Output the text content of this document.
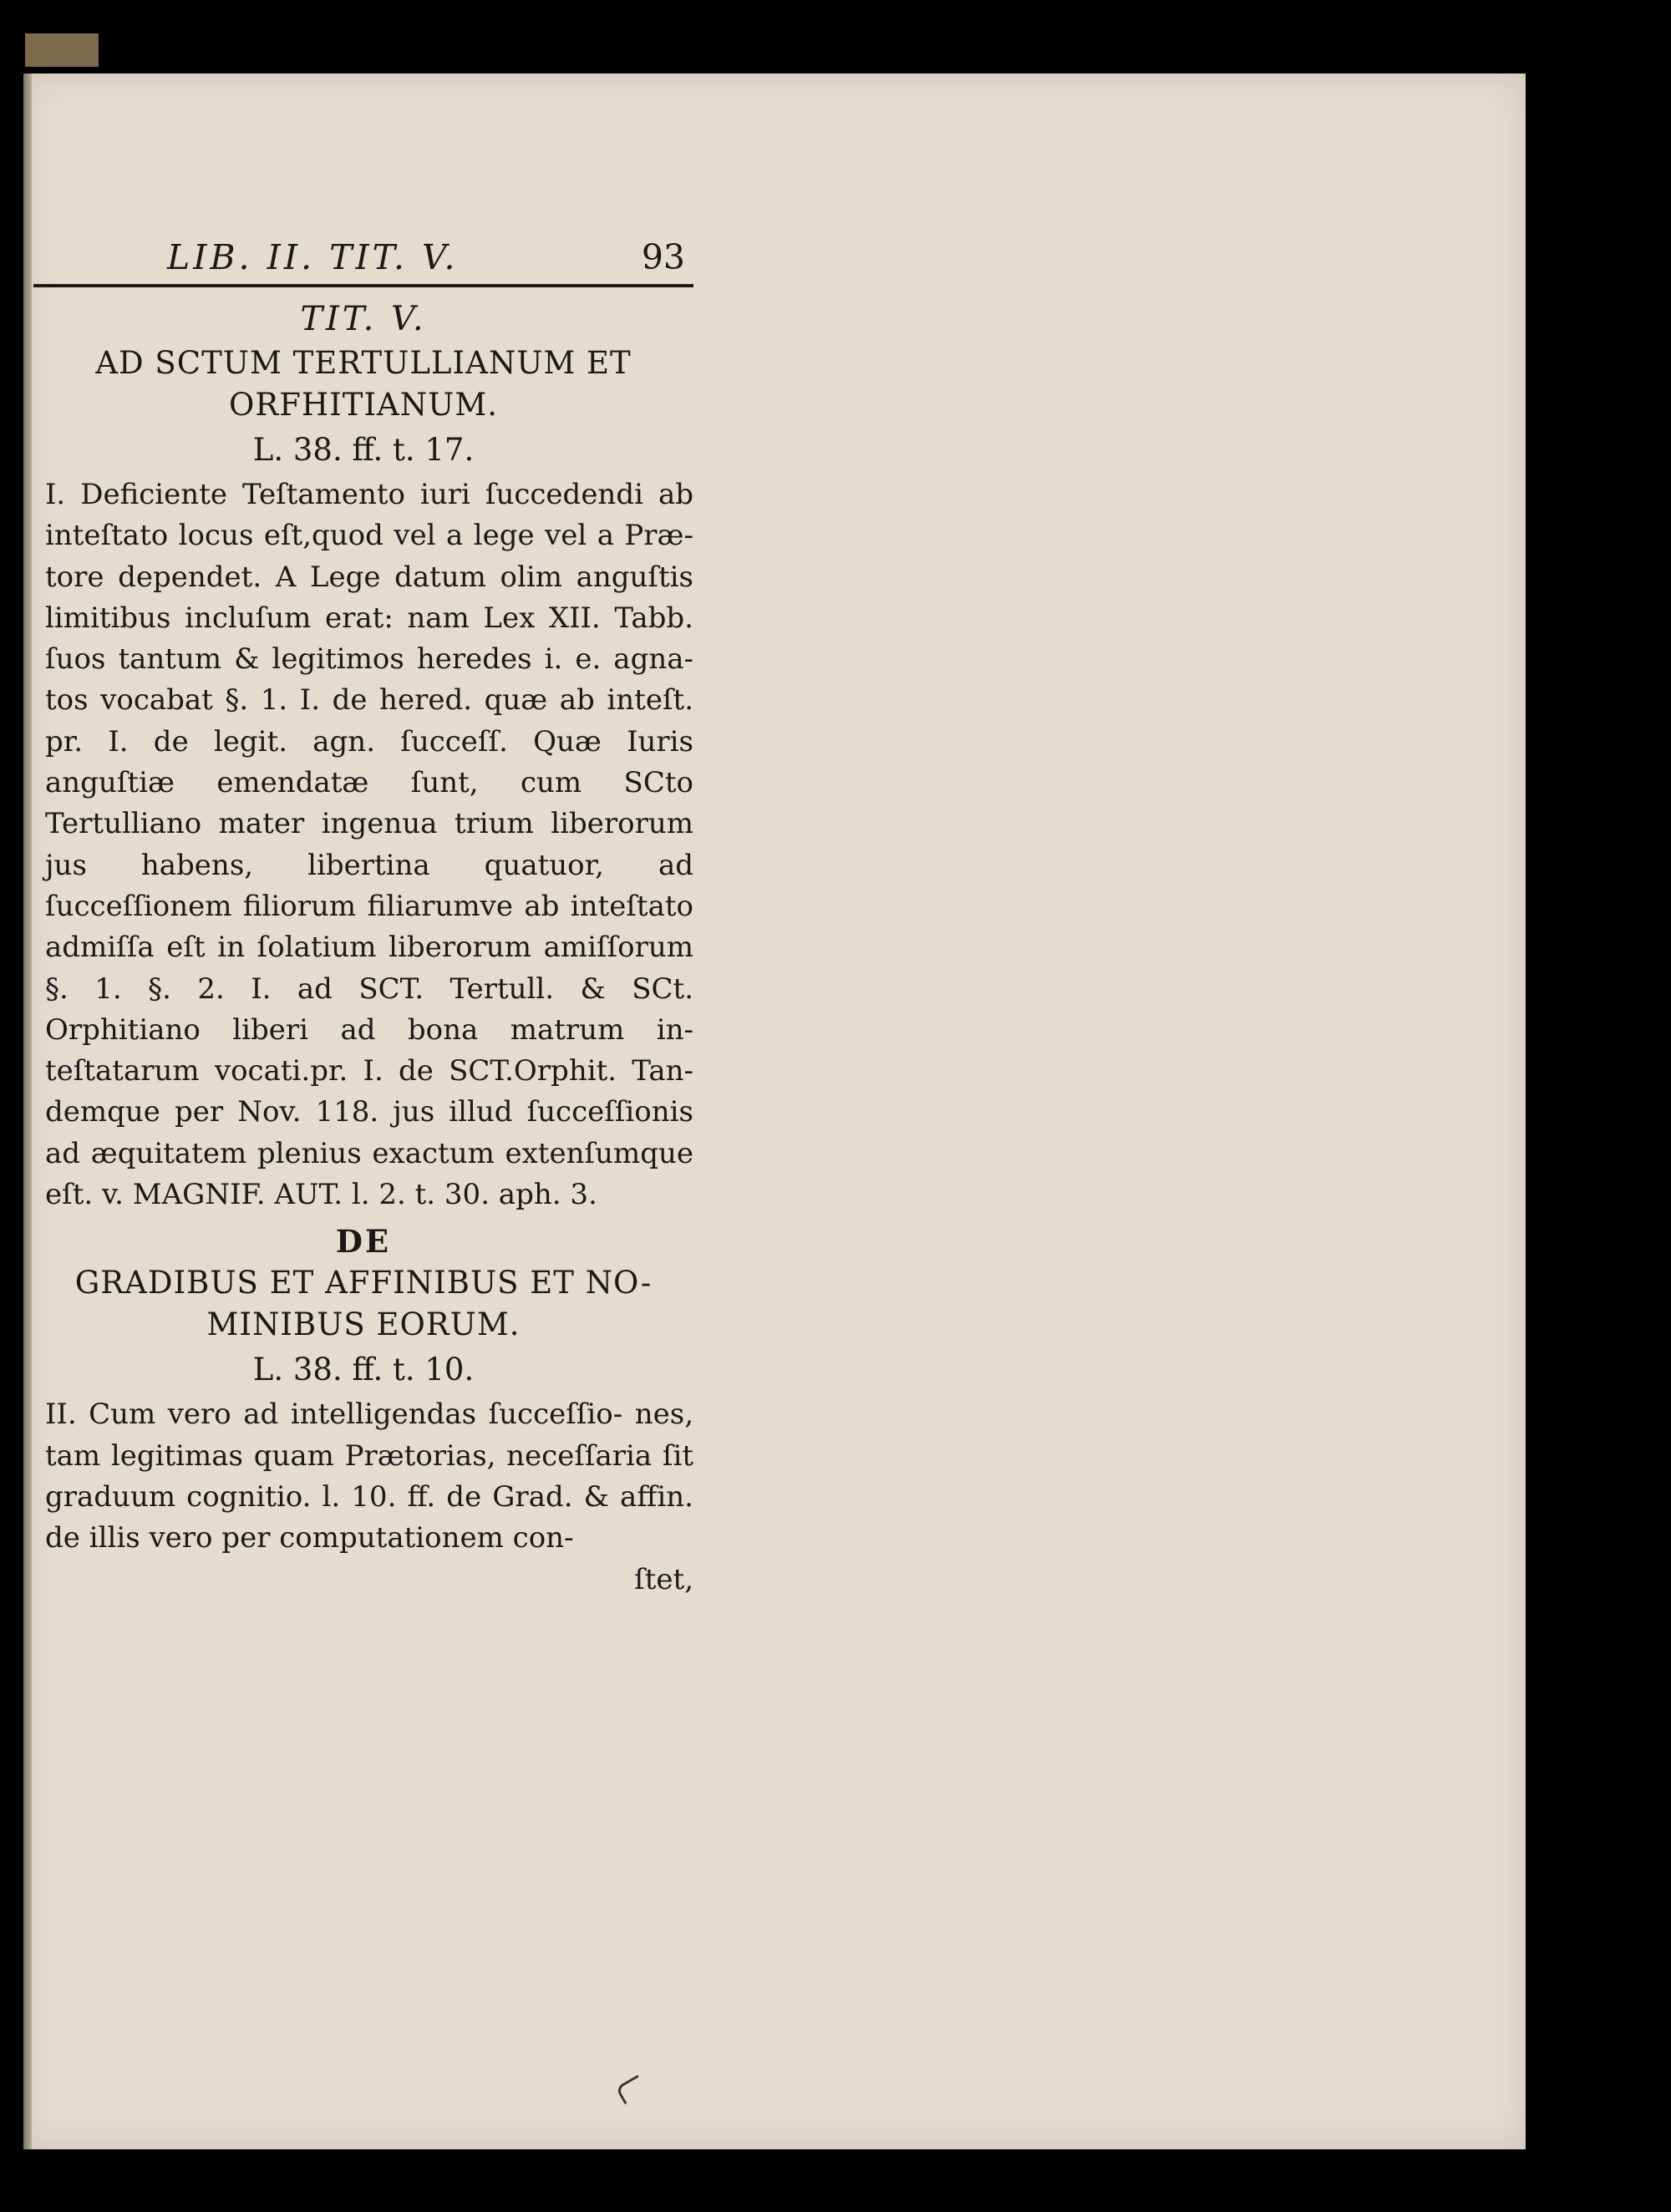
LIB. II. TIT. V.	93
TIT. V.
AD SCTUM TERTULLIANUM ET
ORFHITIANUM.
L. 38. ff. t. 17.

I. Deficiente Teſtamento iuri ſuccedendi ab inteſtato locus eſt,quod vel a lege vel a Præ- tore dependet. A Lege datum olim anguſtis limitibus incluſum erat: nam Lex XII. Tabb. ſuos tantum & legitimos heredes i. e. agna- tos vocabat §. 1. I. de hered. quæ ab inteſt. pr. I. de legit. agn. ſucceſſ. Quæ Iuris anguſtiæ emendatæ ſunt, cum SCto Tertulliano mater ingenua trium liberorum jus habens, libertina quatuor, ad ſucceſſionem filiorum filiarumve ab inteſtato admiſſa eſt in ſolatium liberorum amiſſorum §. 1. §. 2. I. ad SCT. Tertull. & SCt. Orphitiano liberi ad bona matrum in- teſtatarum vocati.pr. I. de SCT.Orphit. Tan- demque per Nov. 118. jus illud ſucceſſionis ad æquitatem plenius exactum extenſumque eſt. v. MAGNIF. AUT. l. 2. t. 30. aph. 3.

DE
GRADIBUS ET AFFINIBUS ET NO-
MINIBUS EORUM.
L. 38. ff. t. 10.

II. Cum vero ad intelligendas ſucceſſio- nes, tam legitimas quam Prætorias, neceſſaria ſit graduum cognitio. l. 10. ff. de Grad. & affin. de illis vero per computationem con-

ſtet,
